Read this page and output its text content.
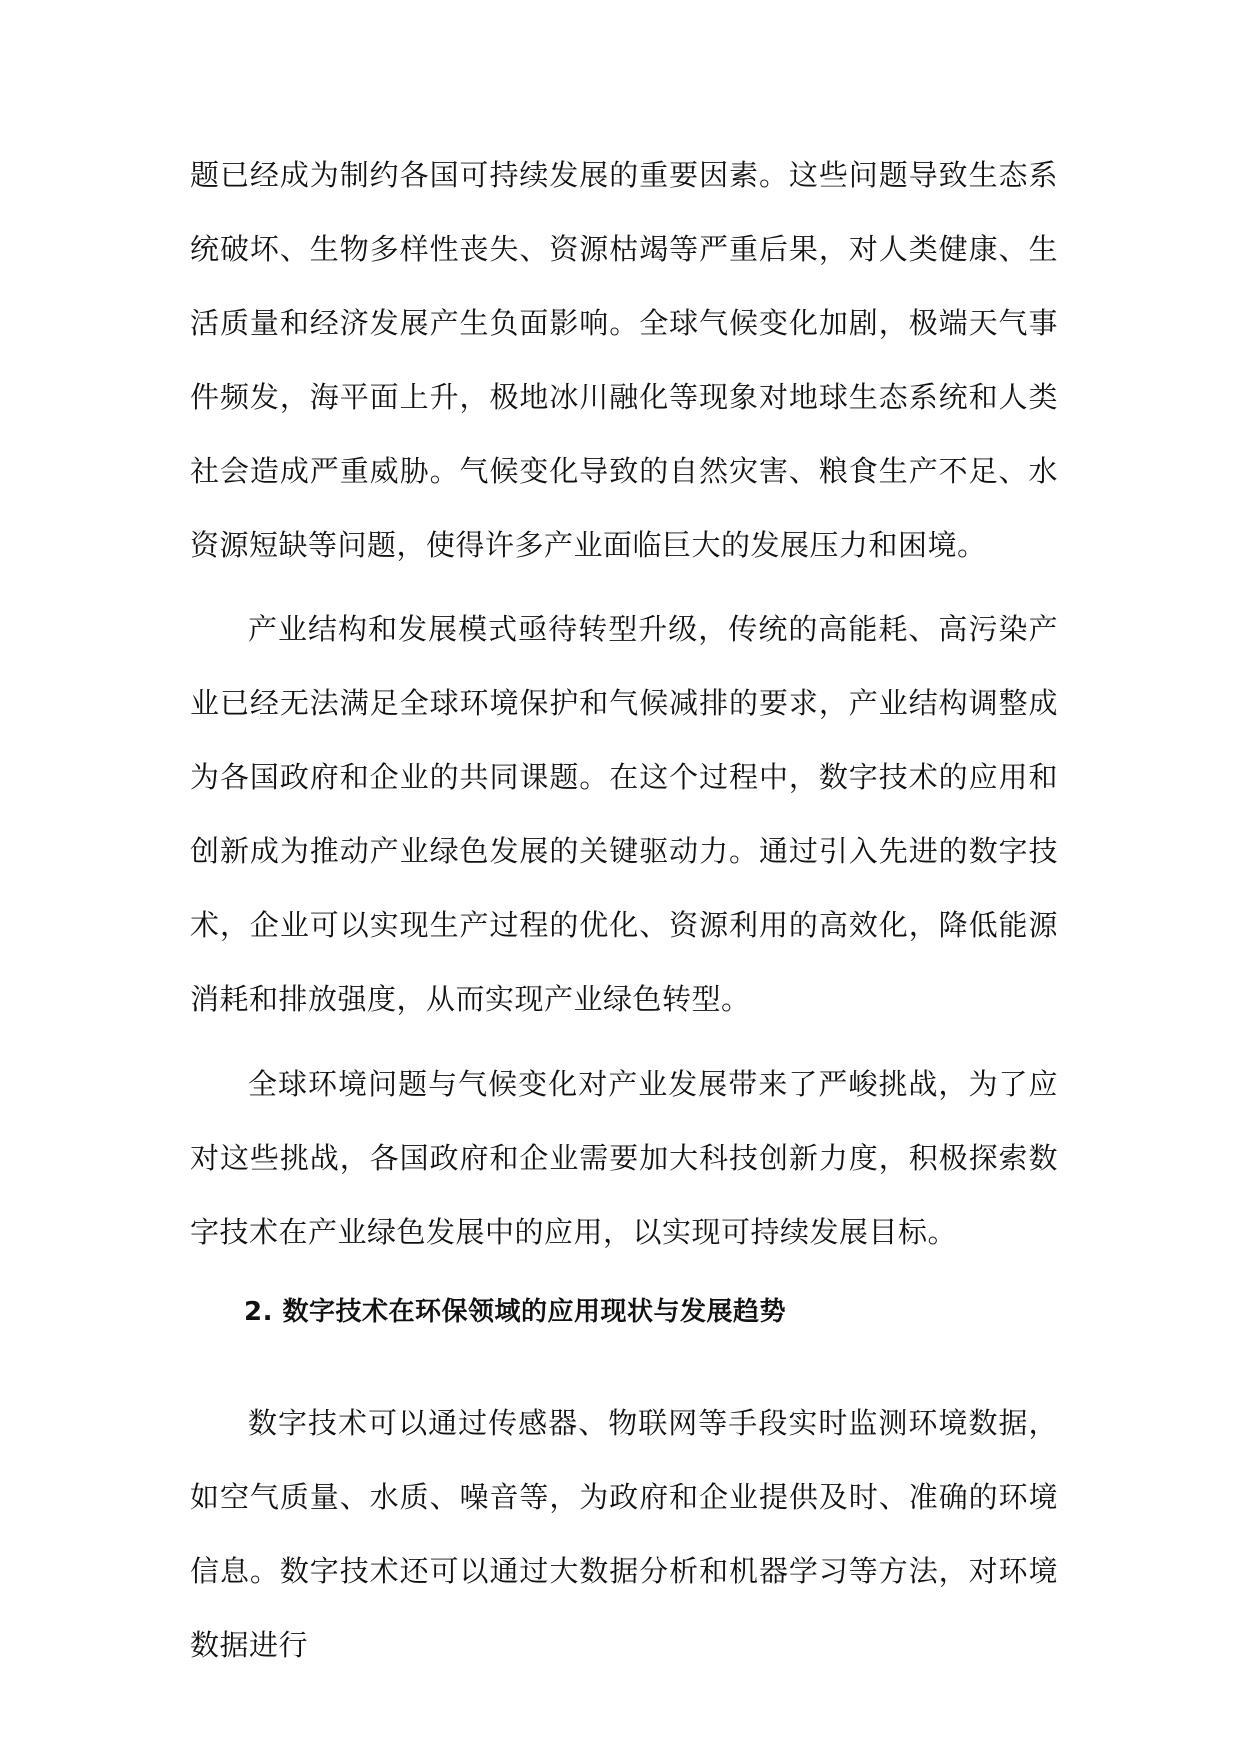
题已经成为制约各国可持续发展的重要因素。这些问题导致生态系统破坏、生物多样性丧失、资源枯竭等严重后果，对人类健康、生活质量和经济发展产生负面影响。全球气候变化加剧，极端天气事件频发，海平面上升，极地冰川融化等现象对地球生态系统和人类社会造成严重威胁。气候变化导致的自然灾害、粮食生产不足、水资源短缺等问题，使得许多产业面临巨大的发展压力和困境。

产业结构和发展模式亟待转型升级，传统的高能耗、高污染产业已经无法满足全球环境保护和气候减排的要求，产业结构调整成为各国政府和企业的共同课题。在这个过程中，数字技术的应用和创新成为推动产业绿色发展的关键驱动力。通过引入先进的数字技术，企业可以实现生产过程的优化、资源利用的高效化，降低能源消耗和排放强度，从而实现产业绿色转型。

全球环境问题与气候变化对产业发展带来了严峻挑战，为了应对这些挑战，各国政府和企业需要加大科技创新力度，积极探索数字技术在产业绿色发展中的应用，以实现可持续发展目标。

2. 数字技术在环保领域的应用现状与发展趋势

数字技术可以通过传感器、物联网等手段实时监测环境数据，如空气质量、水质、噪音等，为政府和企业提供及时、准确的环境信息。数字技术还可以通过大数据分析和机器学习等方法，对环境数据进行
